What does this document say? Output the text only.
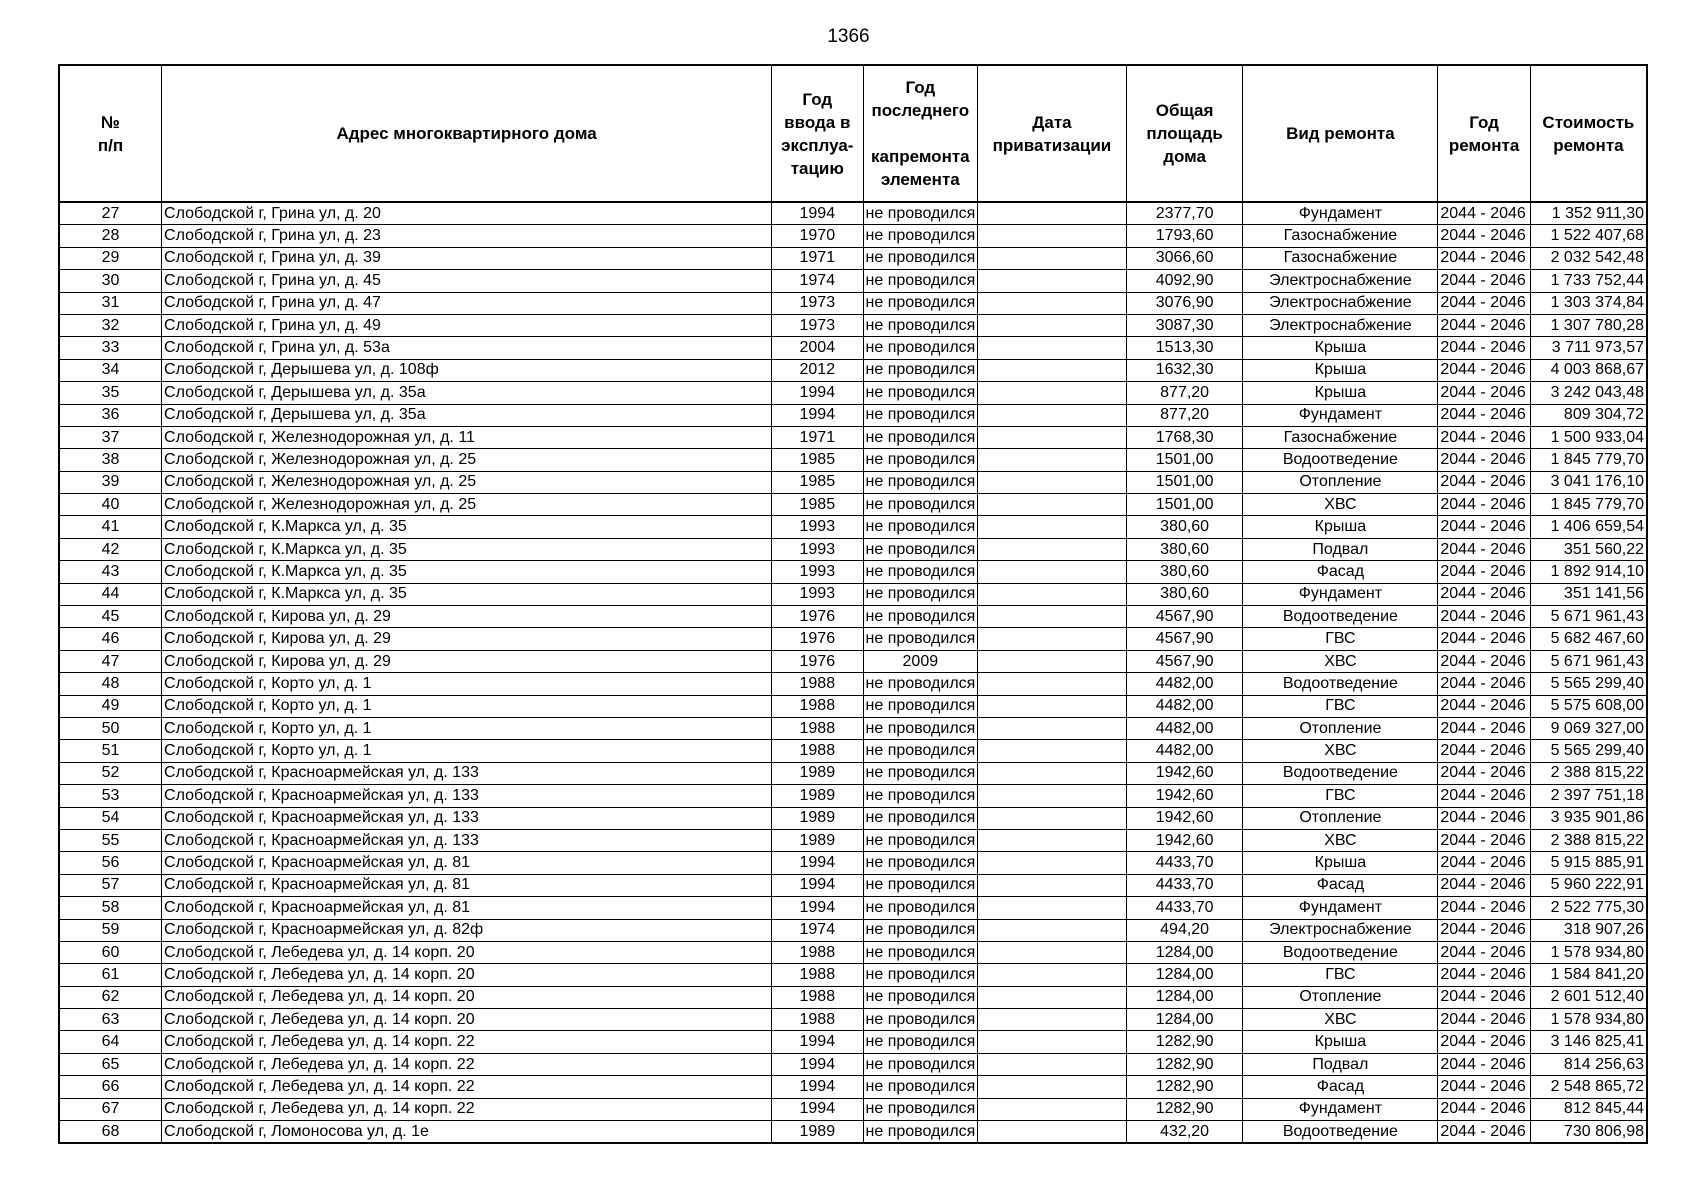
1366
№
п/п	Адрес многоквартирного дома	Год
ввода в
эксплуа-
тацию	Год
последнего

капремонта
элемента	Дата
приватизации	Общая
площадь
дома	Вид ремонта	Год
ремонта	Стоимость
ремонта

27	Слободской г, Грина ул, д. 20	1994	не проводился		2377,70	Фундамент	2044 - 2046	1 352 911,30
28	Слободской г, Грина ул, д. 23	1970	не проводился		1793,60	Газоснабжение	2044 - 2046	1 522 407,68
29	Слободской г, Грина ул, д. 39	1971	не проводился		3066,60	Газоснабжение	2044 - 2046	2 032 542,48
30	Слободской г, Грина ул, д. 45	1974	не проводился		4092,90	Электроснабжение	2044 - 2046	1 733 752,44
31	Слободской г, Грина ул, д. 47	1973	не проводился		3076,90	Электроснабжение	2044 - 2046	1 303 374,84
32	Слободской г, Грина ул, д. 49	1973	не проводился		3087,30	Электроснабжение	2044 - 2046	1 307 780,28
33	Слободской г, Грина ул, д. 53а	2004	не проводился		1513,30	Крыша	2044 - 2046	3 711 973,57
34	Слободской г, Дерышева ул, д. 108ф	2012	не проводился		1632,30	Крыша	2044 - 2046	4 003 868,67
35	Слободской г, Дерышева ул, д. 35а	1994	не проводился		877,20	Крыша	2044 - 2046	3 242 043,48
36	Слободской г, Дерышева ул, д. 35а	1994	не проводился		877,20	Фундамент	2044 - 2046	809 304,72
37	Слободской г, Железнодорожная ул, д. 11	1971	не проводился		1768,30	Газоснабжение	2044 - 2046	1 500 933,04
38	Слободской г, Железнодорожная ул, д. 25	1985	не проводился		1501,00	Водоотведение	2044 - 2046	1 845 779,70
39	Слободской г, Железнодорожная ул, д. 25	1985	не проводился		1501,00	Отопление	2044 - 2046	3 041 176,10
40	Слободской г, Железнодорожная ул, д. 25	1985	не проводился		1501,00	ХВС	2044 - 2046	1 845 779,70
41	Слободской г, К.Маркса ул, д. 35	1993	не проводился		380,60	Крыша	2044 - 2046	1 406 659,54
42	Слободской г, К.Маркса ул, д. 35	1993	не проводился		380,60	Подвал	2044 - 2046	351 560,22
43	Слободской г, К.Маркса ул, д. 35	1993	не проводился		380,60	Фасад	2044 - 2046	1 892 914,10
44	Слободской г, К.Маркса ул, д. 35	1993	не проводился		380,60	Фундамент	2044 - 2046	351 141,56
45	Слободской г, Кирова ул, д. 29	1976	не проводился		4567,90	Водоотведение	2044 - 2046	5 671 961,43
46	Слободской г, Кирова ул, д. 29	1976	не проводился		4567,90	ГВС	2044 - 2046	5 682 467,60
47	Слободской г, Кирова ул, д. 29	1976	2009		4567,90	ХВС	2044 - 2046	5 671 961,43
48	Слободской г, Корто ул, д. 1	1988	не проводился		4482,00	Водоотведение	2044 - 2046	5 565 299,40
49	Слободской г, Корто ул, д. 1	1988	не проводился		4482,00	ГВС	2044 - 2046	5 575 608,00
50	Слободской г, Корто ул, д. 1	1988	не проводился		4482,00	Отопление	2044 - 2046	9 069 327,00
51	Слободской г, Корто ул, д. 1	1988	не проводился		4482,00	ХВС	2044 - 2046	5 565 299,40
52	Слободской г, Красноармейская ул, д. 133	1989	не проводился		1942,60	Водоотведение	2044 - 2046	2 388 815,22
53	Слободской г, Красноармейская ул, д. 133	1989	не проводился		1942,60	ГВС	2044 - 2046	2 397 751,18
54	Слободской г, Красноармейская ул, д. 133	1989	не проводился		1942,60	Отопление	2044 - 2046	3 935 901,86
55	Слободской г, Красноармейская ул, д. 133	1989	не проводился		1942,60	ХВС	2044 - 2046	2 388 815,22
56	Слободской г, Красноармейская ул, д. 81	1994	не проводился		4433,70	Крыша	2044 - 2046	5 915 885,91
57	Слободской г, Красноармейская ул, д. 81	1994	не проводился		4433,70	Фасад	2044 - 2046	5 960 222,91
58	Слободской г, Красноармейская ул, д. 81	1994	не проводился		4433,70	Фундамент	2044 - 2046	2 522 775,30
59	Слободской г, Красноармейская ул, д. 82ф	1974	не проводился		494,20	Электроснабжение	2044 - 2046	318 907,26
60	Слободской г, Лебедева ул, д. 14 корп. 20	1988	не проводился		1284,00	Водоотведение	2044 - 2046	1 578 934,80
61	Слободской г, Лебедева ул, д. 14 корп. 20	1988	не проводился		1284,00	ГВС	2044 - 2046	1 584 841,20
62	Слободской г, Лебедева ул, д. 14 корп. 20	1988	не проводился		1284,00	Отопление	2044 - 2046	2 601 512,40
63	Слободской г, Лебедева ул, д. 14 корп. 20	1988	не проводился		1284,00	ХВС	2044 - 2046	1 578 934,80
64	Слободской г, Лебедева ул, д. 14 корп. 22	1994	не проводился		1282,90	Крыша	2044 - 2046	3 146 825,41
65	Слободской г, Лебедева ул, д. 14 корп. 22	1994	не проводился		1282,90	Подвал	2044 - 2046	814 256,63
66	Слободской г, Лебедева ул, д. 14 корп. 22	1994	не проводился		1282,90	Фасад	2044 - 2046	2 548 865,72
67	Слободской г, Лебедева ул, д. 14 корп. 22	1994	не проводился		1282,90	Фундамент	2044 - 2046	812 845,44
68	Слободской г, Ломоносова ул, д. 1е	1989	не проводился		432,20	Водоотведение	2044 - 2046	730 806,98
